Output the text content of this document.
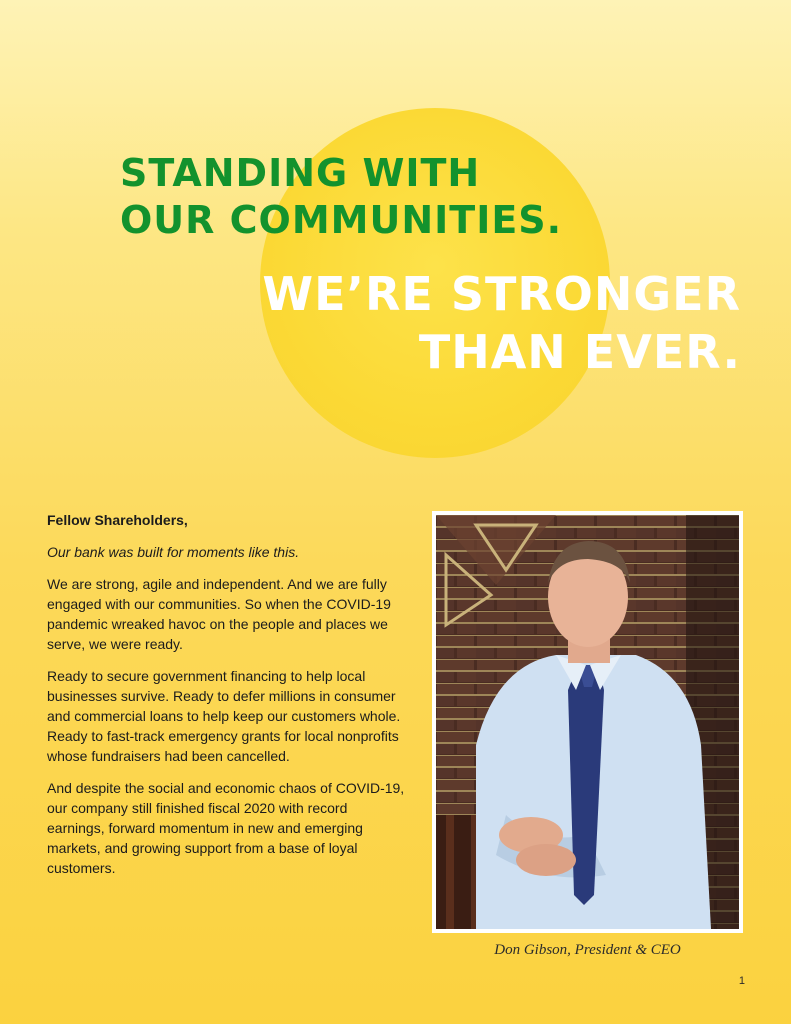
STANDING WITH
OUR COMMUNITIES.
WE’RE STRONGER
THAN EVER.

Fellow Shareholders,

Our bank was built for moments like this.

We are strong, agile and independent. And we are fully engaged with our communities. So when the COVID-19 pandemic wreaked havoc on the people and places we serve, we were ready.

Ready to secure government financing to help local businesses survive. Ready to defer millions in consumer and commercial loans to help keep our customers whole. Ready to fast-track emergency grants for local nonprofits whose fundraisers had been cancelled.

And despite the social and economic chaos of COVID-19, our company still finished fiscal 2020 with record earnings, forward momentum in new and emerging markets, and growing support from a base of loyal customers.

Don Gibson, President & CEO
1
